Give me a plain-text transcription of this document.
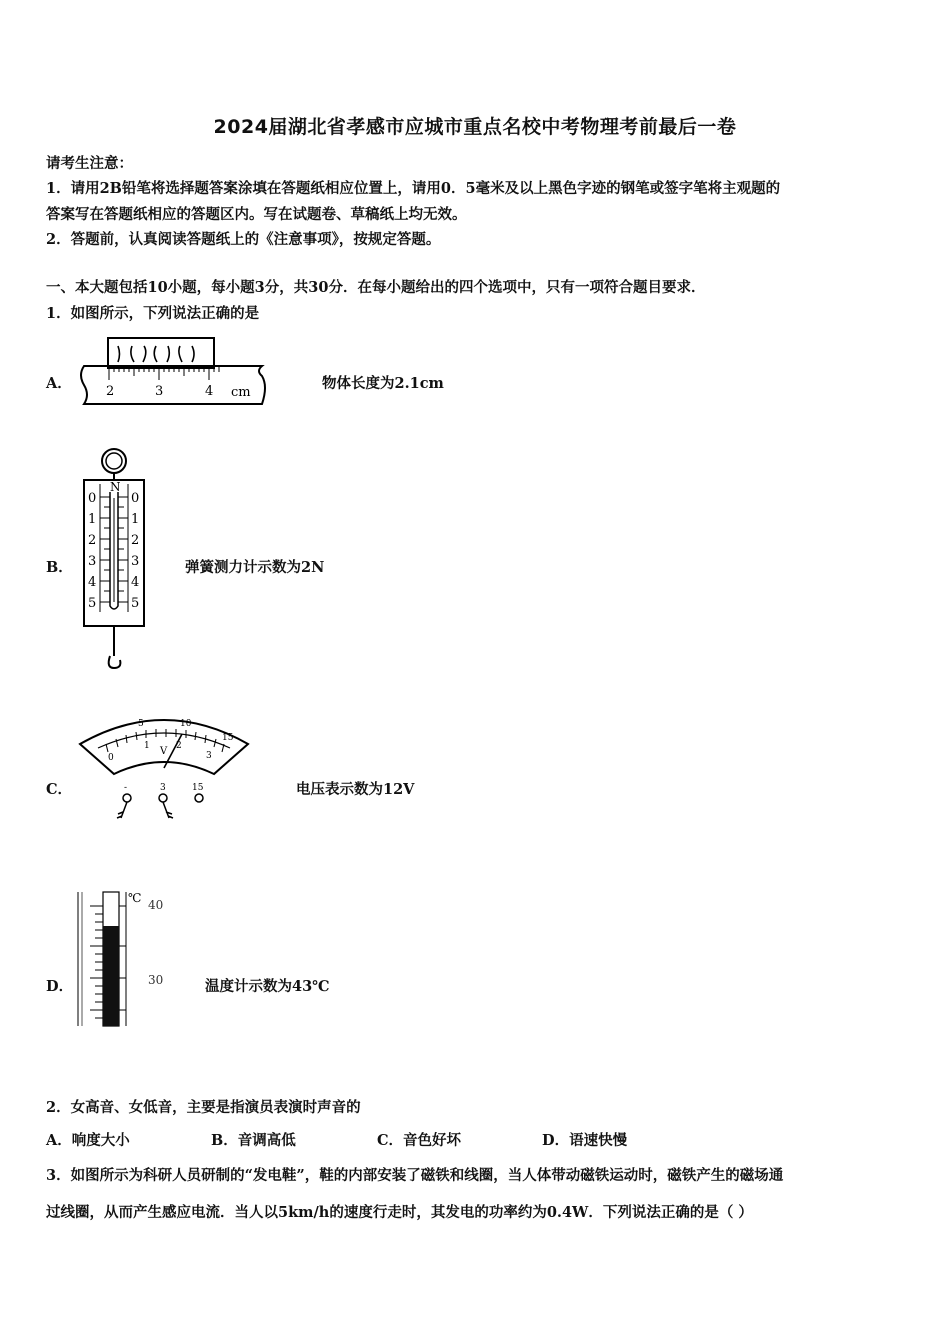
2024届湖北省孝感市应城市重点名校中考物理考前最后一卷
请考生注意：
1．请用2B铅笔将选择题答案涂填在答题纸相应位置上，请用0．5毫米及以上黑色字迹的钢笔或签字笔将主观题的
答案写在答题纸相应的答题区内。写在试题卷、草稿纸上均无效。
2．答题前，认真阅读答题纸上的《注意事项》，按规定答题。
一、本大题包括10小题，每小题3分，共30分．在每小题给出的四个选项中，只有一项符合题目要求．
1．如图所示，下列说法正确的是
A．	2	3	4 cm
物体长度为2.1cm
B．
N
0
1
2
3
4
5
0
1
2
3
4
5
弹簧测力计示数为2N
C．
5	10
15
0
1	2
3
V
-	3	15	电压表示数为12V
D．
℃ 40
30	温度计示数为43℃
2．女高音、女低音，主要是指演员表演时声音的
A．响度大小	B．音调高低	C．音色好坏	D．语速快慢
3．如图所示为科研人员研制的“发电鞋”，鞋的内部安装了磁铁和线圈，当人体带动磁铁运动时，磁铁产生的磁场通
过线圈，从而产生感应电流．当人以5km/h的速度行走时，其发电的功率约为0.4W．下列说法正确的是（ ）
